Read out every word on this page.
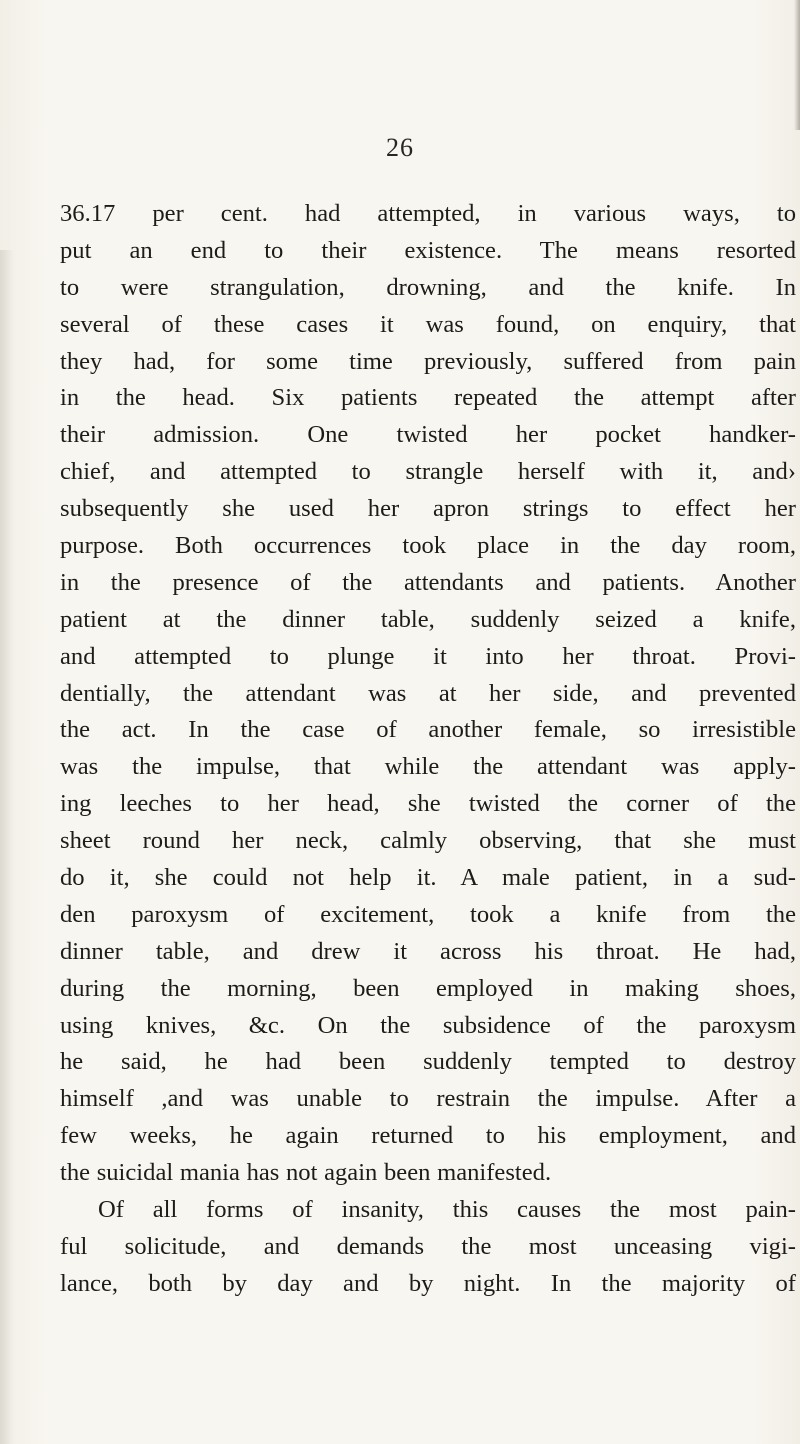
26
36.17 per cent. had attempted, in various ways, to
put an end to their existence. The means resorted
to were strangulation, drowning, and the knife. In
several of these cases it was found, on enquiry, that
they had, for some time previously, suffered from pain
in the head. Six patients repeated the attempt after
their admission. One twisted her pocket handker-
chief, and attempted to strangle herself with it, and›
subsequently she used her apron strings to effect her
purpose. Both occurrences took place in the day room,
in the presence of the attendants and patients. Another
patient at the dinner table, suddenly seized a knife,
and attempted to plunge it into her throat. Provi-
dentially, the attendant was at her side, and prevented
the act. In the case of another female, so irresistible
was the impulse, that while the attendant was apply-
ing leeches to her head, she twisted the corner of the
sheet round her neck, calmly observing, that she must
do it, she could not help it. A male patient, in a sud-
den paroxysm of excitement, took a knife from the
dinner table, and drew it across his throat. He had,
during the morning, been employed in making shoes,
using knives, &c. On the subsidence of the paroxysm
he said, he had been suddenly tempted to destroy
himself ,and was unable to restrain the impulse. After a
few weeks, he again returned to his employment, and
the suicidal mania has not again been manifested.
Of all forms of insanity, this causes the most pain-
ful solicitude, and demands the most unceasing vigi-
lance, both by day and by night. In the majority of
